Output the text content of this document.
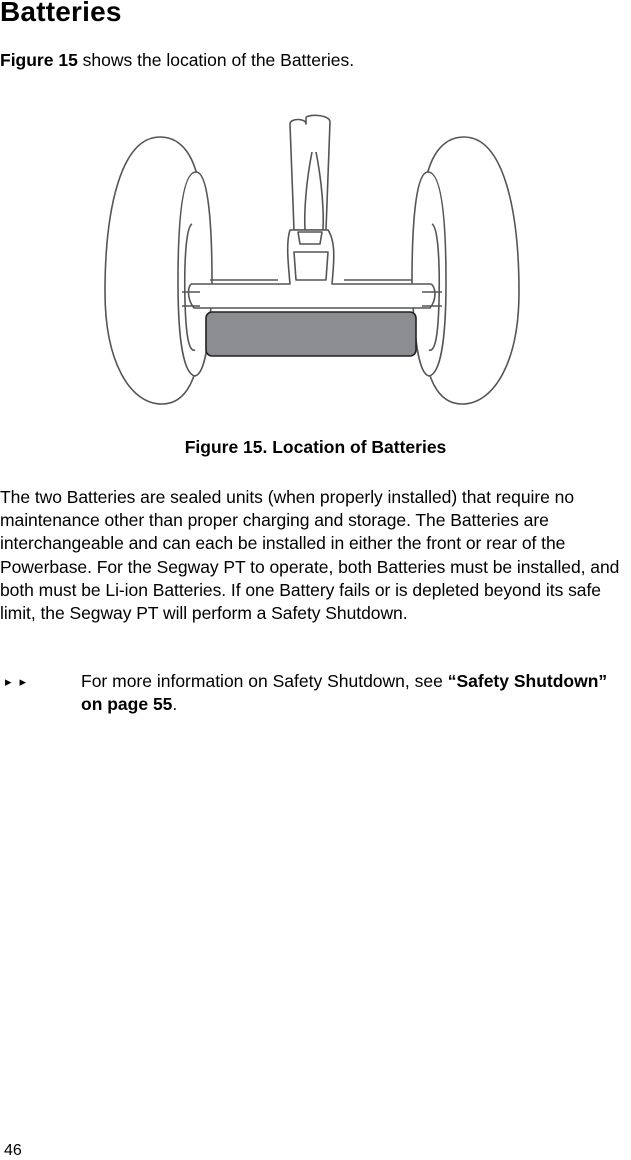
Batteries

Figure 15 shows the location of the Batteries.

Figure 15. Location of Batteries

The two Batteries are sealed units (when properly installed) that require no maintenance other than proper charging and storage. The Batteries are interchangeable and can each be installed in either the front or rear of the Powerbase. For the Segway PT to operate, both Batteries must be installed, and both must be Li-ion Batteries. If one Battery fails or is depleted beyond its safe limit, the Segway PT will perform a Safety Shutdown.

▸▸	For more information on Safety Shutdown, see “Safety Shutdown” on page 55.

46
